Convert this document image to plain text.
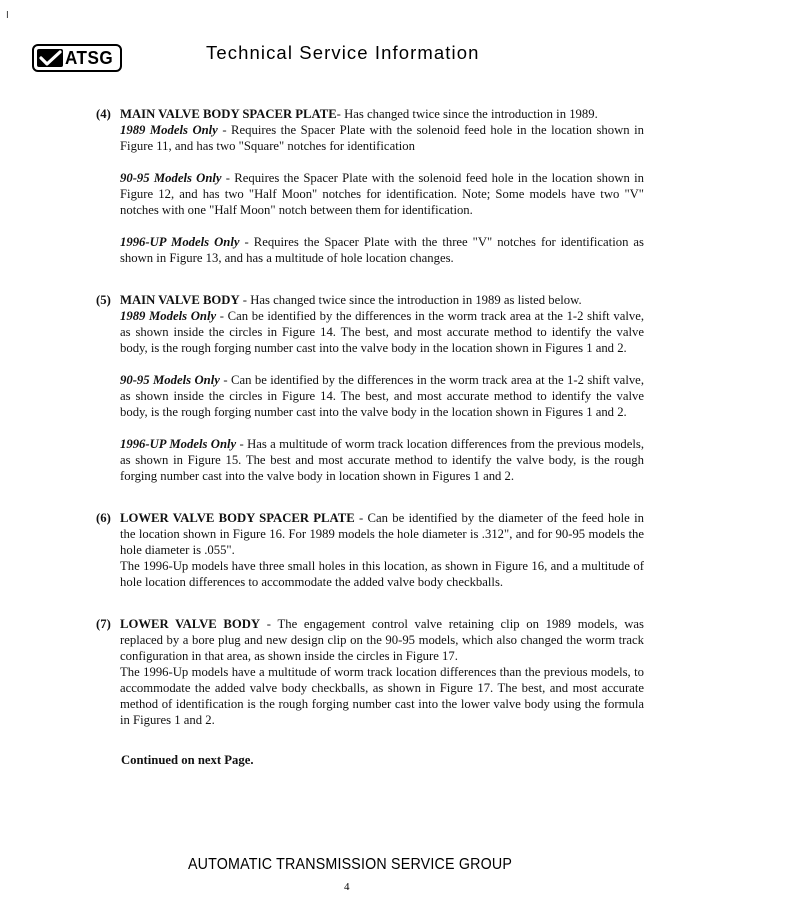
I
ATSG	Technical Service Information
(4) MAIN VALVE BODY SPACER PLATE- Has changed twice since the introduction in 1989.
1989 Models Only - Requires the Spacer Plate with the solenoid feed hole in the location shown in Figure 11, and has two "Square" notches for identification

90-95 Models Only - Requires the Spacer Plate with the solenoid feed hole in the location shown in Figure 12, and has two "Half Moon" notches for identification. Note; Some models have two "V" notches with one "Half Moon" notch between them for identification.

1996-UP Models Only - Requires the Spacer Plate with the three "V" notches for identification as shown in Figure 13, and has a multitude of hole location changes.

(5) MAIN VALVE BODY - Has changed twice since the introduction in 1989 as listed below.
1989 Models Only - Can be identified by the differences in the worm track area at the 1-2 shift valve, as shown inside the circles in Figure 14. The best, and most accurate method to identify the valve body, is the rough forging number cast into the valve body in the location shown in Figures 1 and 2.

90-95 Models Only - Can be identified by the differences in the worm track area at the 1-2 shift valve, as shown inside the circles in Figure 14. The best, and most accurate method to identify the valve body, is the rough forging number cast into the valve body in the location shown in Figures 1 and 2.

1996-UP Models Only - Has a multitude of worm track location differences from the previous models, as shown in Figure 15. The best and most accurate method to identify the valve body, is the rough forging number cast into the valve body in location shown in Figures 1 and 2.

(6) LOWER VALVE BODY SPACER PLATE - Can be identified by the diameter of the feed hole in the location shown in Figure 16. For 1989 models the hole diameter is .312", and for 90-95 models the hole diameter is .055".
The 1996-Up models have three small holes in this location, as shown in Figure 16, and a multitude of hole location differences to accommodate the added valve body checkballs.

(7) LOWER VALVE BODY - The engagement control valve retaining clip on 1989 models, was replaced by a bore plug and new design clip on the 90-95 models, which also changed the worm track configuration in that area, as shown inside the circles in Figure 17.
The 1996-Up models have a multitude of worm track location differences than the previous models, to accommodate the added valve body checkballs, as shown in Figure 17. The best, and most accurate method of identification is the rough forging number cast into the lower valve body using the formula in Figures 1 and 2.

Continued on next Page.
AUTOMATIC TRANSMISSION SERVICE GROUP
4
